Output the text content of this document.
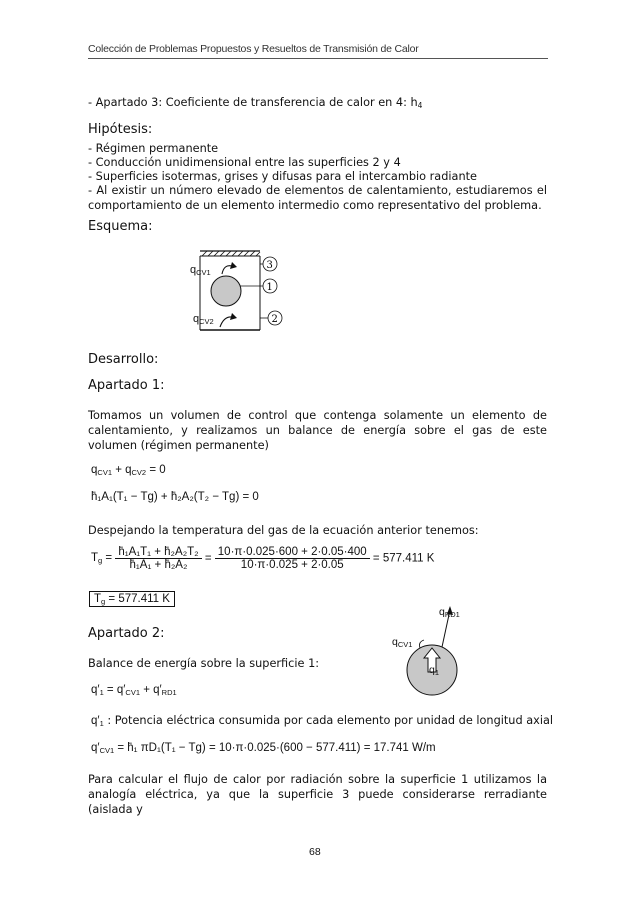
Colección de Problemas Propuestos y Resueltos de Transmisión de Calor
- Apartado 3: Coeficiente de transferencia de calor en 4: $h_4$
Hipótesis:
- Régimen permanente
- Conducción unidimensional entre las superficies 2 y 4
- Superficies isotermas, grises y difusas para el intercambio radiante
- Al existir un número elevado de elementos de calentamiento, estudiaremos el comportamiento de un elemento intermedio como representativo del problema.
Esquema:
3
1
2
$q_{CV1}$
$q_{CV2}$
Desarrollo:
Apartado 1:
Tomamos un volumen de control que contenga solamente un elemento de calentamiento, y realizamos un balance de energía sobre el gas de este volumen (régimen permanente)
$q_{CV1} + q_{CV2} = 0$
h̄₁A₁(T₁ − Tg) + h̄₂A₂(T₂ − Tg) = 0
Despejando la temperatura del gas de la ecuación anterior tenemos:
$T_g = \frac{\text{h̄₁A₁T₁ + h̄₂A₂T₂}}{\text{h̄₁A₁ + h̄₂A₂}} = \frac{10\cdot\pi\cdot 0.025\cdot 600 + 2\cdot 0.05\cdot 400}{10\cdot\pi\cdot 0.025 + 2\cdot 0.05} = 577.411$ K
$T_g = 577.411$ K
Apartado 2:
Balance de energía sobre la superficie 1:
$q_{RD1}$
$q_{CV1}$
$q_1$
$q'_1 = q'_{CV1} + q'_{RD1}$
$q'_1$ : Potencia eléctrica consumida por cada elemento por unidad de longitud axial
$q'_{CV1}$ = h̄₁ πD₁(T₁ − Tg) = 10·π·0.025·(600 − 577.411) = 17.741 W/m
Para calcular el flujo de calor por radiación sobre la superficie 1 utilizamos la analogía eléctrica, ya que la superficie 3 puede considerarse rerradiante (aislada y
68
